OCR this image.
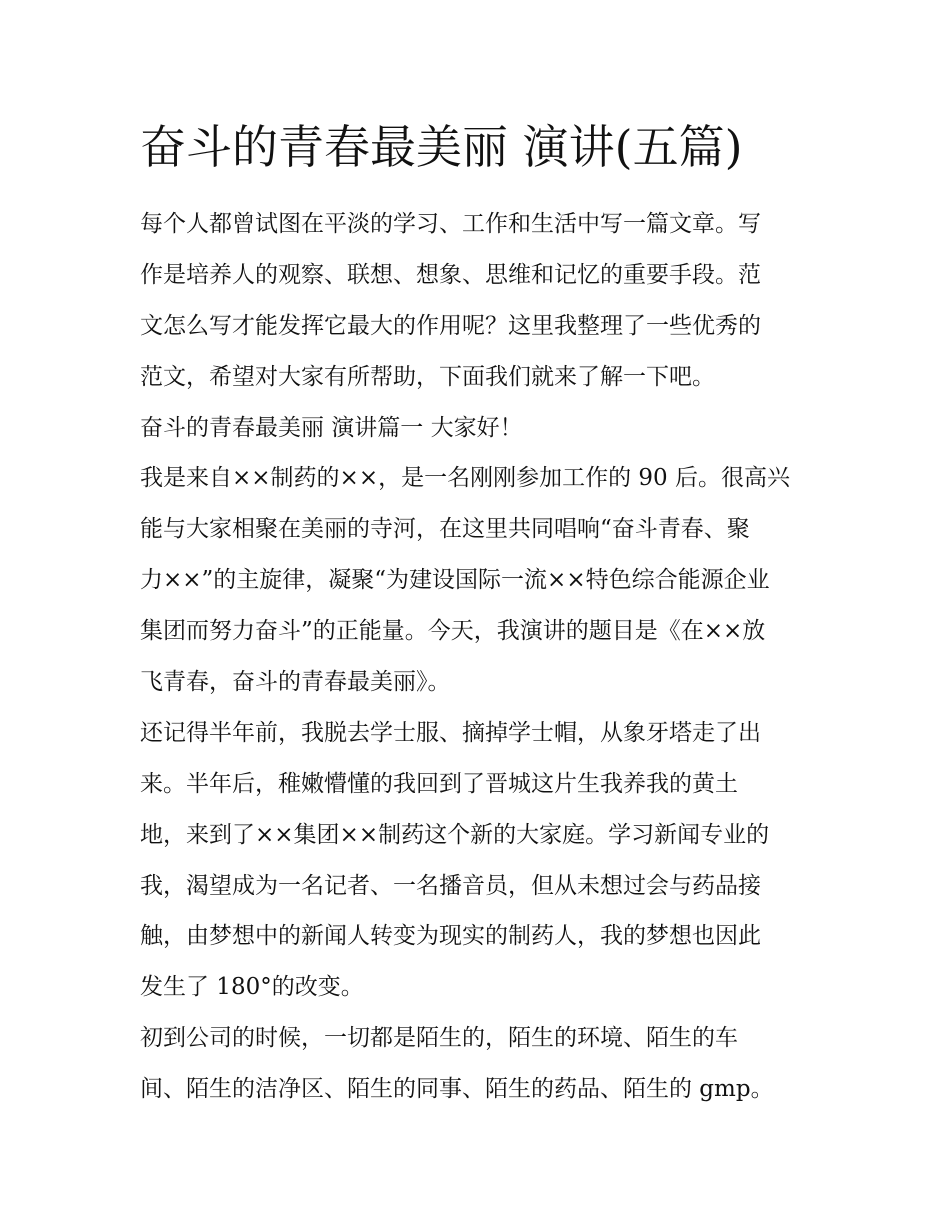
奋斗的青春最美丽 演讲(五篇)

每个人都曾试图在平淡的学习、工作和生活中写一篇文章。写

作是培养人的观察、联想、想象、思维和记忆的重要手段。范

文怎么写才能发挥它最大的作用呢？这里我整理了一些优秀的

范文，希望对大家有所帮助，下面我们就来了解一下吧。

奋斗的青春最美丽 演讲篇一 大家好！

我是来自××制药的××，是一名刚刚参加工作的 90 后。很高兴

能与大家相聚在美丽的寺河，在这里共同唱响“奋斗青春、聚

力××”的主旋律，凝聚“为建设国际一流××特色综合能源企业

集团而努力奋斗”的正能量。今天，我演讲的题目是《在××放

飞青春，奋斗的青春最美丽》。

还记得半年前，我脱去学士服、摘掉学士帽，从象牙塔走了出

来。半年后，稚嫩懵懂的我回到了晋城这片生我养我的黄土

地，来到了××集团××制药这个新的大家庭。学习新闻专业的

我，渴望成为一名记者、一名播音员，但从未想过会与药品接

触，由梦想中的新闻人转变为现实的制药人，我的梦想也因此

发生了 180°的改变。

初到公司的时候，一切都是陌生的，陌生的环境、陌生的车

间、陌生的洁净区、陌生的同事、陌生的药品、陌生的 gmp。
